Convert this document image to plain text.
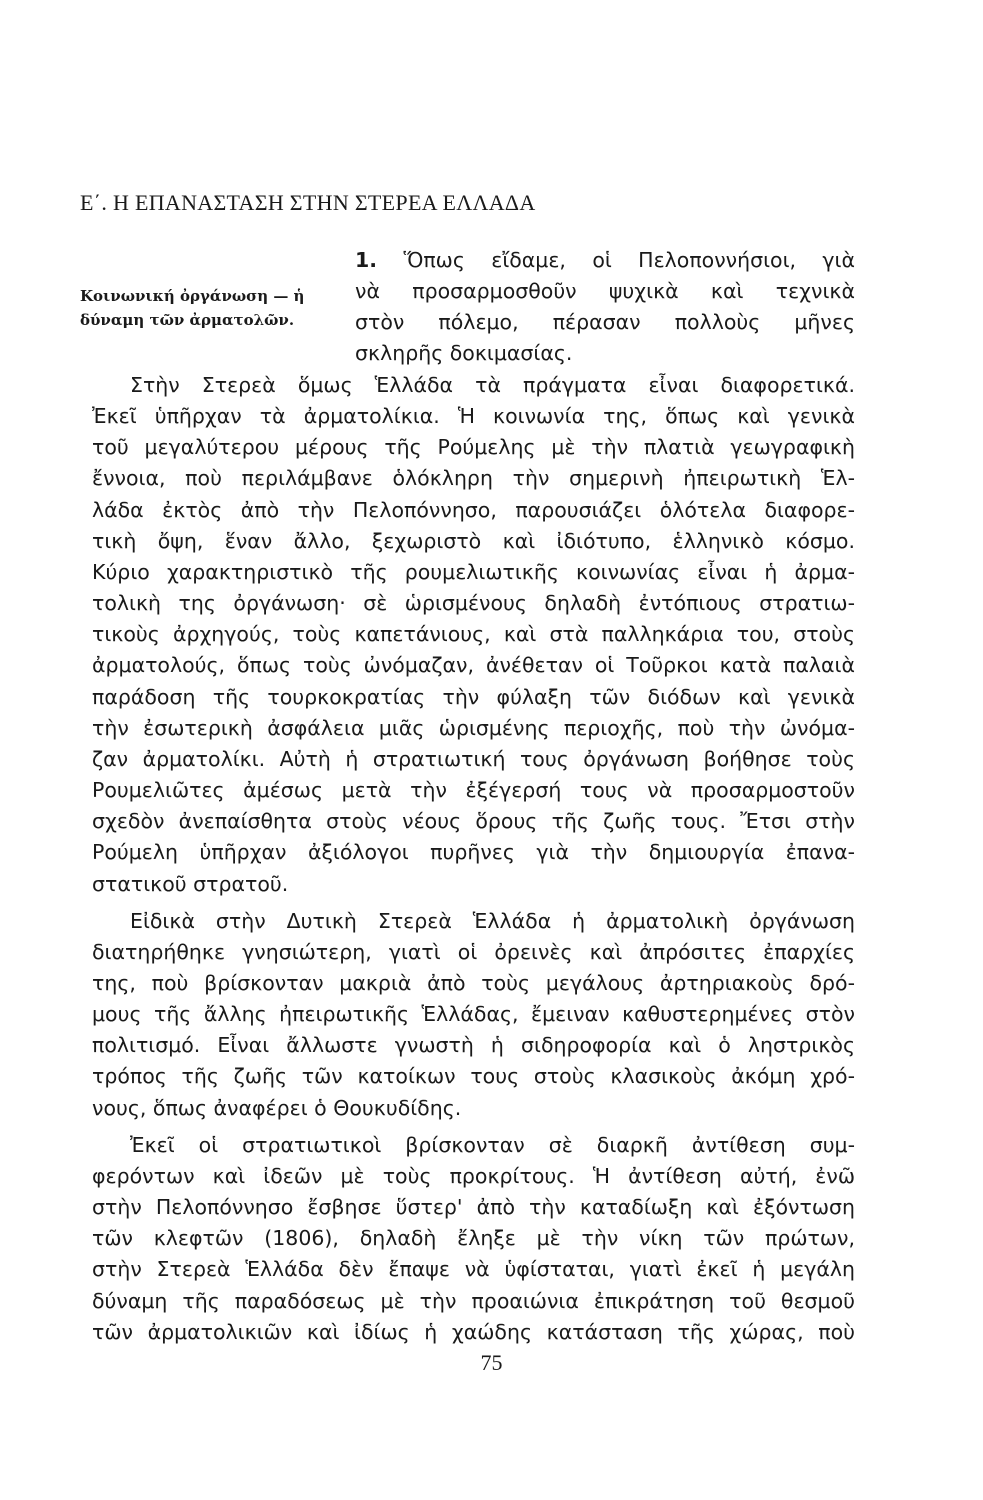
Ε΄. Η ΕΠΑΝΑΣΤΑΣΗ ΣΤΗΝ ΣΤΕΡΕΑ ΕΛΛΑΔΑ
Κοινωνική ὀργάνωση — ἡ
δύναμη τῶν ἀρματολῶν.
1. Ὅπως εἴδαμε, οἱ Πελοποννήσιοι, γιὰ
νὰ προσαρμοσθοῦν ψυχικὰ καὶ τεχνικὰ
στὸν πόλεμο, πέρασαν πολλοὺς μῆνες
σκληρῆς δοκιμασίας.
Στὴν Στερεὰ ὅμως Ἑλλάδα τὰ πράγματα εἶναι διαφορετικά.
Ἐκεῖ ὑπῆρχαν τὰ ἀρματολίκια. Ἡ κοινωνία της, ὅπως καὶ γενικὰ
τοῦ μεγαλύτερου μέρους τῆς Ρούμελης μὲ τὴν πλατιὰ γεωγραφικὴ
ἔννοια, ποὺ περιλάμβανε ὁλόκληρη τὴν σημερινὴ ἠπειρωτικὴ Ἑλ-
λάδα ἐκτὸς ἀπὸ τὴν Πελοπόννησο, παρουσιάζει ὁλότελα διαφορε-
τικὴ ὄψη, ἕναν ἄλλο, ξεχωριστὸ καὶ ἰδιότυπο, ἑλληνικὸ κόσμο.
Κύριο χαρακτηριστικὸ τῆς ρουμελιωτικῆς κοινωνίας εἶναι ἡ ἀρμα-
τολικὴ της ὀργάνωση· σὲ ὡρισμένους δηλαδὴ ἐντόπιους στρατιω-
τικοὺς ἀρχηγούς, τοὺς καπετάνιους, καὶ στὰ παλληκάρια του, στοὺς
ἀρματολούς, ὅπως τοὺς ὠνόμαζαν, ἀνέθεταν οἱ Τοῦρκοι κατὰ παλαιὰ
παράδοση τῆς τουρκοκρατίας τὴν φύλαξη τῶν διόδων καὶ γενικὰ
τὴν ἐσωτερικὴ ἀσφάλεια μιᾶς ὡρισμένης περιοχῆς, ποὺ τὴν ὠνόμα-
ζαν ἀρματολίκι. Αὐτὴ ἡ στρατιωτική τους ὀργάνωση βοήθησε τοὺς
Ρουμελιῶτες ἀμέσως μετὰ τὴν ἐξέγερσή τους νὰ προσαρμοστοῦν
σχεδὸν ἀνεπαίσθητα στοὺς νέους ὅρους τῆς ζωῆς τους. Ἔτσι στὴν
Ρούμελη ὑπῆρχαν ἀξιόλογοι πυρῆνες γιὰ τὴν δημιουργία ἐπανα-
στατικοῦ στρατοῦ.
Εἰδικὰ στὴν Δυτικὴ Στερεὰ Ἑλλάδα ἡ ἀρματολικὴ ὀργάνωση
διατηρήθηκε γνησιώτερη, γιατὶ οἱ ὀρεινὲς καὶ ἀπρόσιτες ἐπαρχίες
της, ποὺ βρίσκονταν μακριὰ ἀπὸ τοὺς μεγάλους ἀρτηριακοὺς δρό-
μους τῆς ἄλλης ἠπειρωτικῆς Ἑλλάδας, ἔμειναν καθυστερημένες στὸν
πολιτισμό. Εἶναι ἄλλωστε γνωστὴ ἡ σιδηροφορία καὶ ὁ ληστρικὸς
τρόπος τῆς ζωῆς τῶν κατοίκων τους στοὺς κλασικοὺς ἀκόμη χρό-
νους, ὅπως ἀναφέρει ὁ Θουκυδίδης.
Ἐκεῖ οἱ στρατιωτικοὶ βρίσκονταν σὲ διαρκῆ ἀντίθεση συμ-
φερόντων καὶ ἰδεῶν μὲ τοὺς προκρίτους. Ἡ ἀντίθεση αὐτή, ἐνῶ
στὴν Πελοπόννησο ἔσβησε ὕστερ' ἀπὸ τὴν καταδίωξη καὶ ἐξόντωση
τῶν κλεφτῶν (1806), δηλαδὴ ἔληξε μὲ τὴν νίκη τῶν πρώτων,
στὴν Στερεὰ Ἑλλάδα δὲν ἔπαψε νὰ ὑφίσταται, γιατὶ ἐκεῖ ἡ μεγάλη
δύναμη τῆς παραδόσεως μὲ τὴν προαιώνια ἐπικράτηση τοῦ θεσμοῦ
τῶν ἀρματολικιῶν καὶ ἰδίως ἡ χαώδης κατάσταση τῆς χώρας, ποὺ
75
